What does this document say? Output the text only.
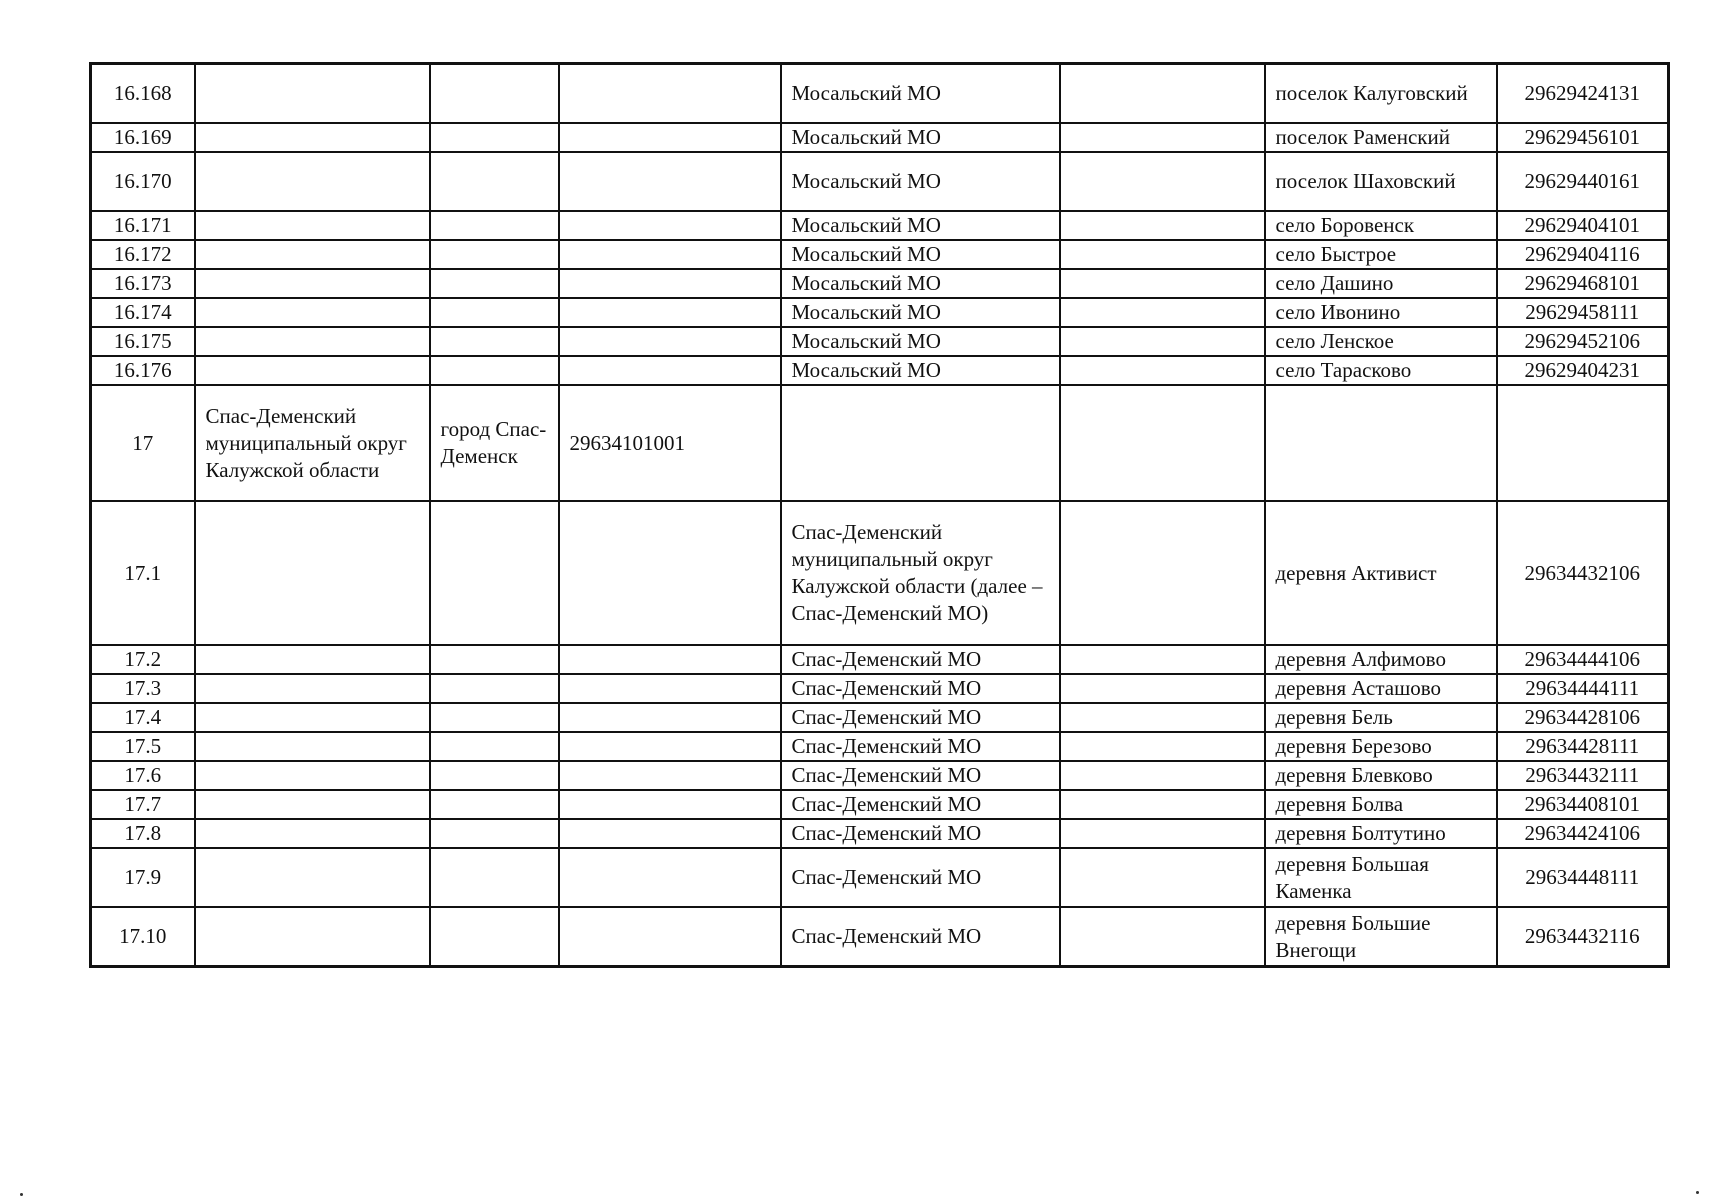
16.168				Мосальский МО		поселок Калуговский	29629424131
16.169				Мосальский МО		поселок Раменский	29629456101
16.170				Мосальский МО		поселок Шаховский	29629440161
16.171				Мосальский МО		село Боровенск	29629404101
16.172				Мосальский МО		село Быстрое	29629404116
16.173				Мосальский МО		село Дашино	29629468101
16.174				Мосальский МО		село Ивонино	29629458111
16.175				Мосальский МО		село Ленское	29629452106
16.176				Мосальский МО		село Тарасково	29629404231
17	Спас-Деменский муниципальный округ Калужской области	город Спас-Деменск	29634101001				
17.1				Спас-Деменский муниципальный округ Калужской области (далее – Спас-Деменский МО)		деревня Активист	29634432106
17.2				Спас-Деменский МО		деревня Алфимово	29634444106
17.3				Спас-Деменский МО		деревня Асташово	29634444111
17.4				Спас-Деменский МО		деревня Бель	29634428106
17.5				Спас-Деменский МО		деревня Березово	29634428111
17.6				Спас-Деменский МО		деревня Блевково	29634432111
17.7				Спас-Деменский МО		деревня Болва	29634408101
17.8				Спас-Деменский МО		деревня Болтутино	29634424106
17.9				Спас-Деменский МО		деревня Большая Каменка	29634448111
17.10				Спас-Деменский МО		деревня Большие Внегощи	29634432116
